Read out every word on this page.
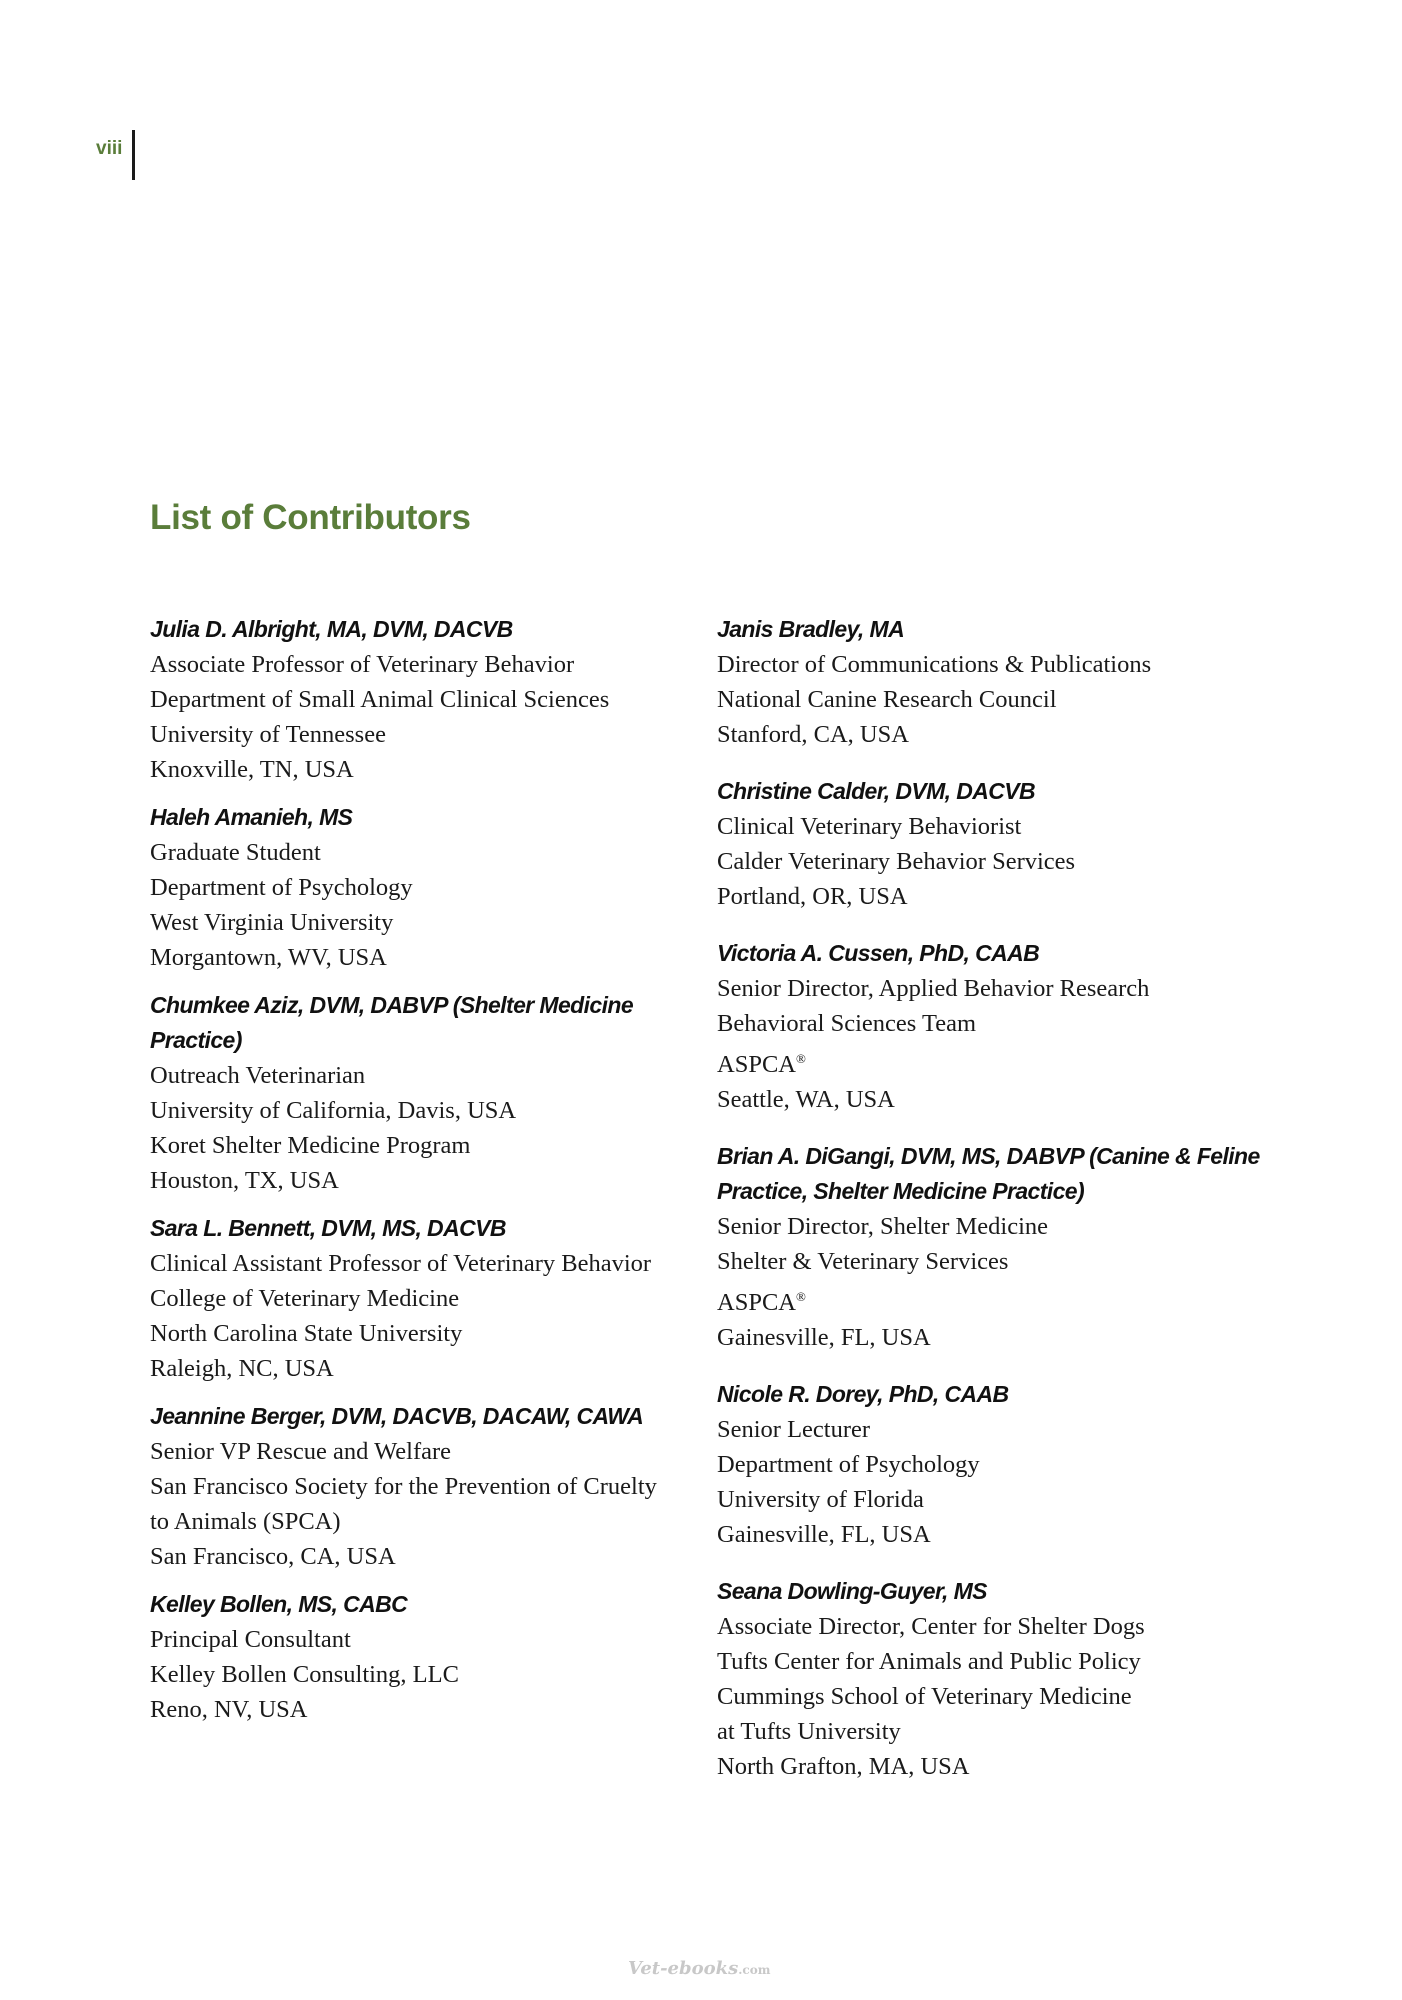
viii
List of Contributors
Julia D. Albright, MA, DVM, DACVB
Associate Professor of Veterinary Behavior
Department of Small Animal Clinical Sciences
University of Tennessee
Knoxville, TN, USA
Haleh Amanieh, MS
Graduate Student
Department of Psychology
West Virginia University
Morgantown, WV, USA
Chumkee Aziz, DVM, DABVP (Shelter Medicine Practice)
Outreach Veterinarian
University of California, Davis, USA
Koret Shelter Medicine Program
Houston, TX, USA
Sara L. Bennett, DVM, MS, DACVB
Clinical Assistant Professor of Veterinary Behavior
College of Veterinary Medicine
North Carolina State University
Raleigh, NC, USA
Jeannine Berger, DVM, DACVB, DACAW, CAWA
Senior VP Rescue and Welfare
San Francisco Society for the Prevention of Cruelty to Animals (SPCA)
San Francisco, CA, USA
Kelley Bollen, MS, CABC
Principal Consultant
Kelley Bollen Consulting, LLC
Reno, NV, USA
Janis Bradley, MA
Director of Communications & Publications
National Canine Research Council
Stanford, CA, USA
Christine Calder, DVM, DACVB
Clinical Veterinary Behaviorist
Calder Veterinary Behavior Services
Portland, OR, USA
Victoria A. Cussen, PhD, CAAB
Senior Director, Applied Behavior Research
Behavioral Sciences Team
ASPCA®
Seattle, WA, USA
Brian A. DiGangi, DVM, MS, DABVP (Canine & Feline Practice, Shelter Medicine Practice)
Senior Director, Shelter Medicine
Shelter & Veterinary Services
ASPCA®
Gainesville, FL, USA
Nicole R. Dorey, PhD, CAAB
Senior Lecturer
Department of Psychology
University of Florida
Gainesville, FL, USA
Seana Dowling-Guyer, MS
Associate Director, Center for Shelter Dogs
Tufts Center for Animals and Public Policy
Cummings School of Veterinary Medicine
at Tufts University
North Grafton, MA, USA
Vet-ebooks.com
